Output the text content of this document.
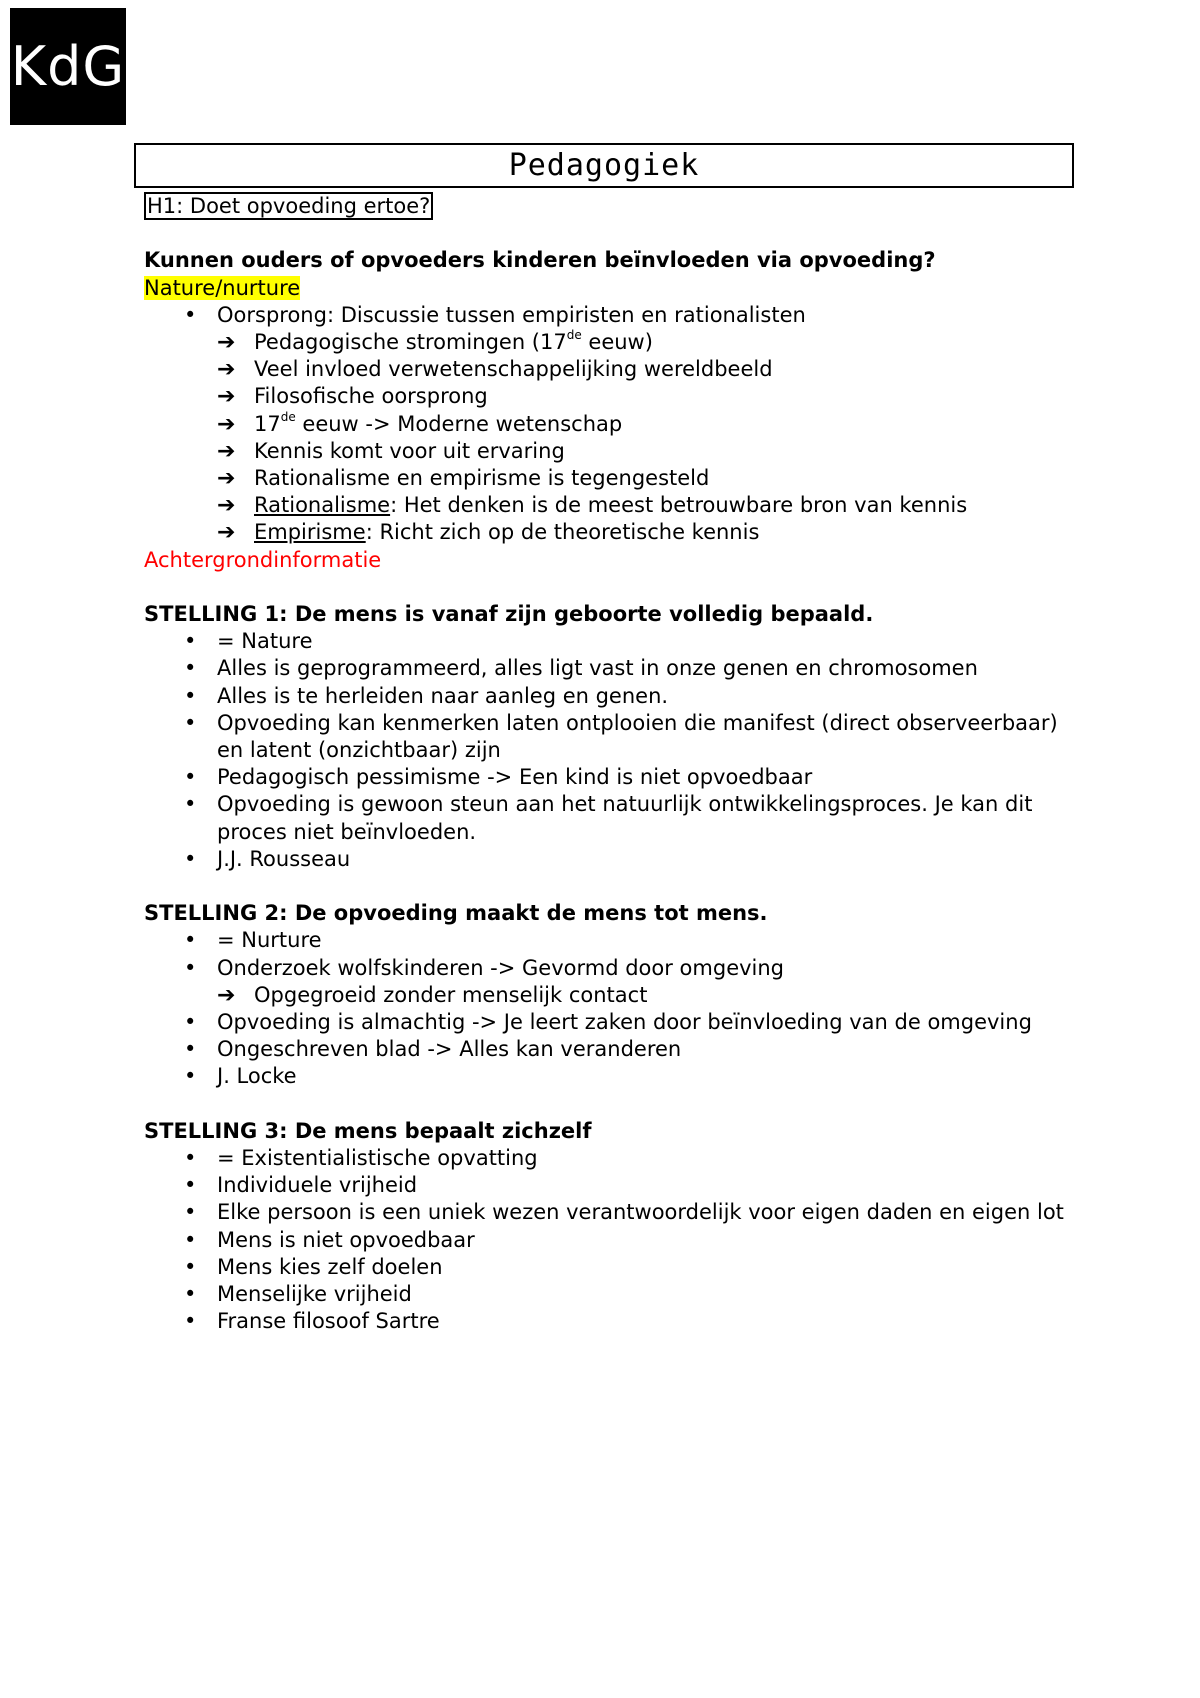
KdG
Pedagogiek

H1: Doet opvoeding ertoe?

Kunnen ouders of opvoeders kinderen beïnvloeden via opvoeding?

Nature/nurture

• Oorsprong: Discussie tussen empiristen en rationalisten
➔ Pedagogische stromingen (17de eeuw)
➔ Veel invloed verwetenschappelijking wereldbeeld
➔ Filosofische oorsprong
➔ 17de eeuw -> Moderne wetenschap
➔ Kennis komt voor uit ervaring
➔ Rationalisme en empirisme is tegengesteld
➔ Rationalisme: Het denken is de meest betrouwbare bron van kennis
➔ Empirisme: Richt zich op de theoretische kennis

Achtergrondinformatie

STELLING 1: De mens is vanaf zijn geboorte volledig bepaald.

• = Nature
• Alles is geprogrammeerd, alles ligt vast in onze genen en chromosomen
• Alles is te herleiden naar aanleg en genen.
• Opvoeding kan kenmerken laten ontplooien die manifest (direct observeerbaar) en latent (onzichtbaar) zijn
• Pedagogisch pessimisme -> Een kind is niet opvoedbaar
• Opvoeding is gewoon steun aan het natuurlijk ontwikkelingsproces. Je kan dit proces niet beïnvloeden.
• J.J. Rousseau

STELLING 2: De opvoeding maakt de mens tot mens.

• = Nurture
• Onderzoek wolfskinderen -> Gevormd door omgeving
➔ Opgegroeid zonder menselijk contact
• Opvoeding is almachtig -> Je leert zaken door beïnvloeding van de omgeving
• Ongeschreven blad -> Alles kan veranderen
• J. Locke

STELLING 3: De mens bepaalt zichzelf

• = Existentialistische opvatting
• Individuele vrijheid
• Elke persoon is een uniek wezen verantwoordelijk voor eigen daden en eigen lot
• Mens is niet opvoedbaar
• Mens kies zelf doelen
• Menselijke vrijheid
• Franse filosoof Sartre
